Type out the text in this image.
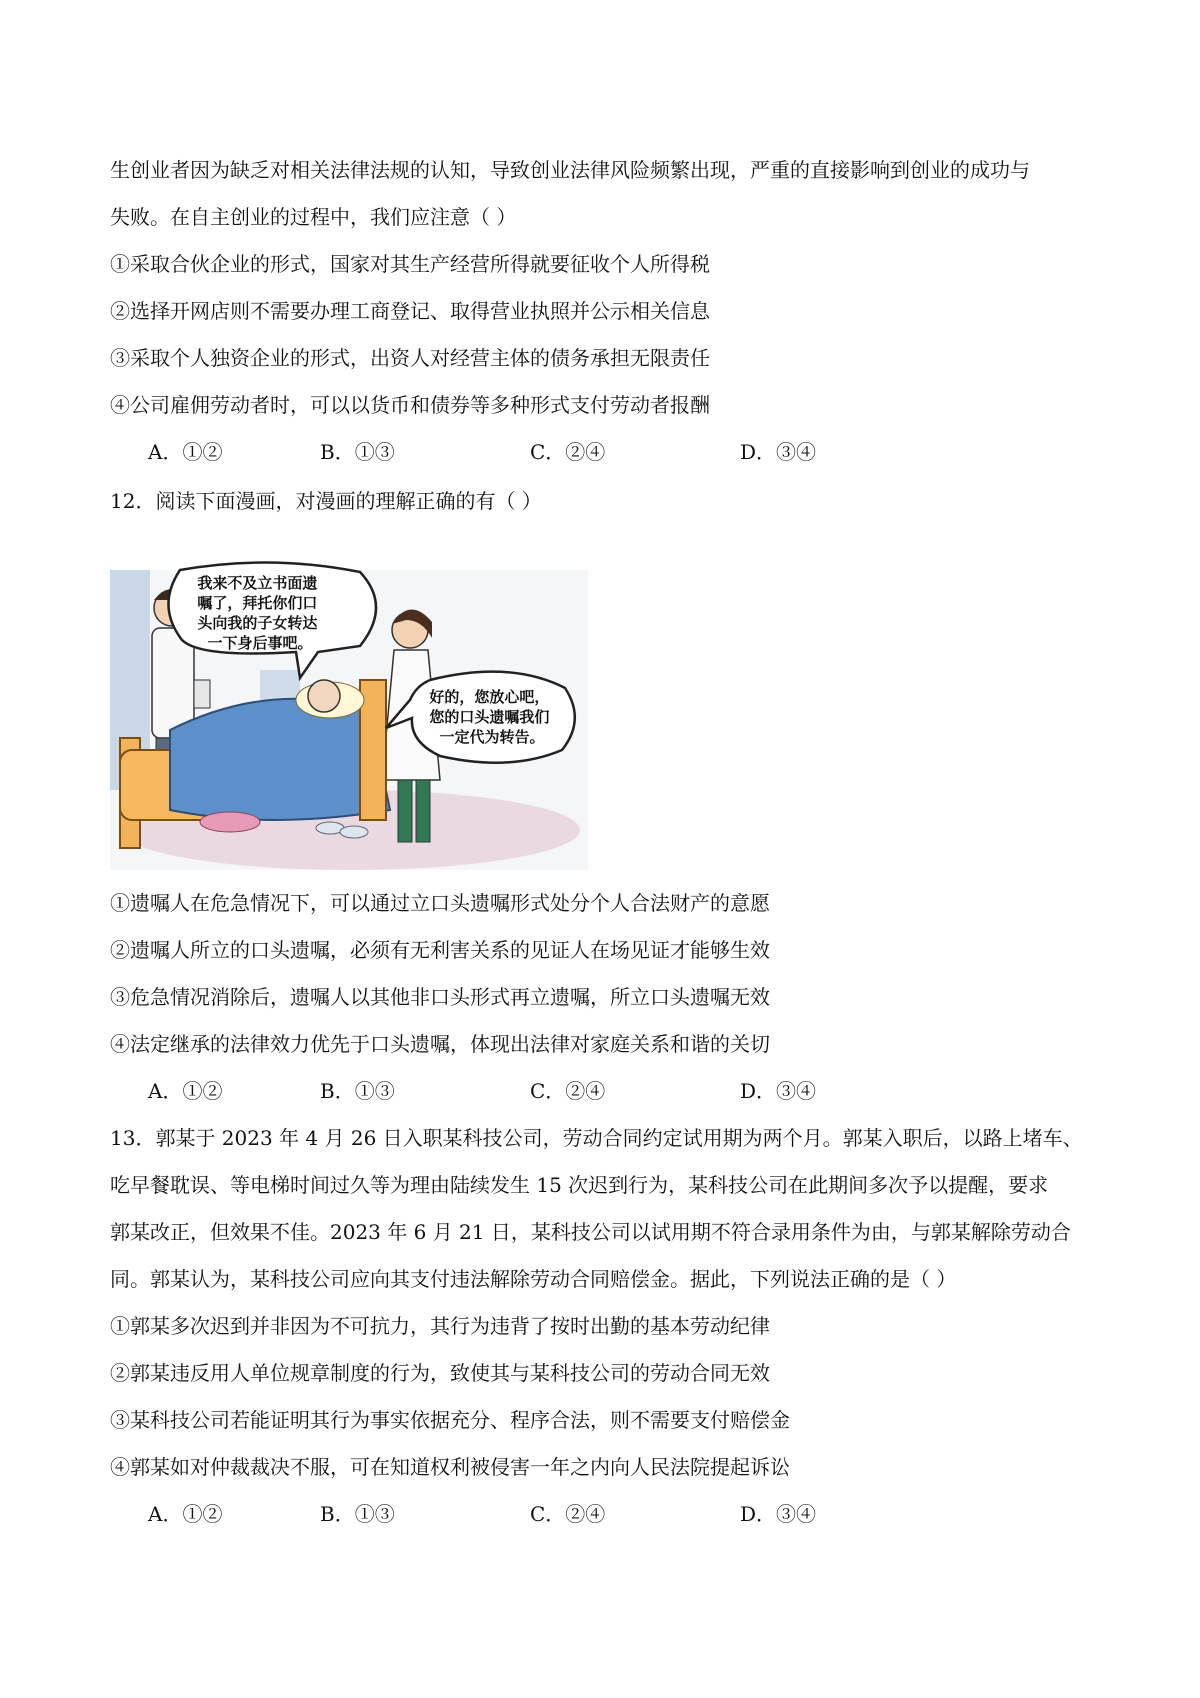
生创业者因为缺乏对相关法律法规的认知，导致创业法律风险频繁出现，严重的直接影响到创业的成功与

失败。在自主创业的过程中，我们应注意（ ）

①采取合伙企业的形式，国家对其生产经营所得就要征收个人所得税

②选择开网店则不需要办理工商登记、取得营业执照并公示相关信息

③采取个人独资企业的形式，出资人对经营主体的债务承担无限责任

④公司雇佣劳动者时，可以以货币和债券等多种形式支付劳动者报酬

A．①②	B．①③	C．②④	D．③④

12．阅读下面漫画，对漫画的理解正确的有（ ）

我来不及立书面遗 嘱了，拜托你们口 头向我的子女转达 一下身后事吧。
好的，您放心吧， 您的口头遗嘱我们 一定代为转告。

①遗嘱人在危急情况下，可以通过立口头遗嘱形式处分个人合法财产的意愿

②遗嘱人所立的口头遗嘱，必须有无利害关系的见证人在场见证才能够生效

③危急情况消除后，遗嘱人以其他非口头形式再立遗嘱，所立口头遗嘱无效

④法定继承的法律效力优先于口头遗嘱，体现出法律对家庭关系和谐的关切

A．①②	B．①③	C．②④	D．③④

13．郭某于 2023 年 4 月 26 日入职某科技公司，劳动合同约定试用期为两个月。郭某入职后，以路上堵车、

吃早餐耽误、等电梯时间过久等为理由陆续发生 15 次迟到行为，某科技公司在此期间多次予以提醒，要求

郭某改正，但效果不佳。2023 年 6 月 21 日，某科技公司以试用期不符合录用条件为由，与郭某解除劳动合

同。郭某认为，某科技公司应向其支付违法解除劳动合同赔偿金。据此，下列说法正确的是（ ）

①郭某多次迟到并非因为不可抗力，其行为违背了按时出勤的基本劳动纪律

②郭某违反用人单位规章制度的行为，致使其与某科技公司的劳动合同无效

③某科技公司若能证明其行为事实依据充分、程序合法，则不需要支付赔偿金

④郭某如对仲裁裁决不服，可在知道权利被侵害一年之内向人民法院提起诉讼

A．①②	B．①③	C．②④	D．③④
